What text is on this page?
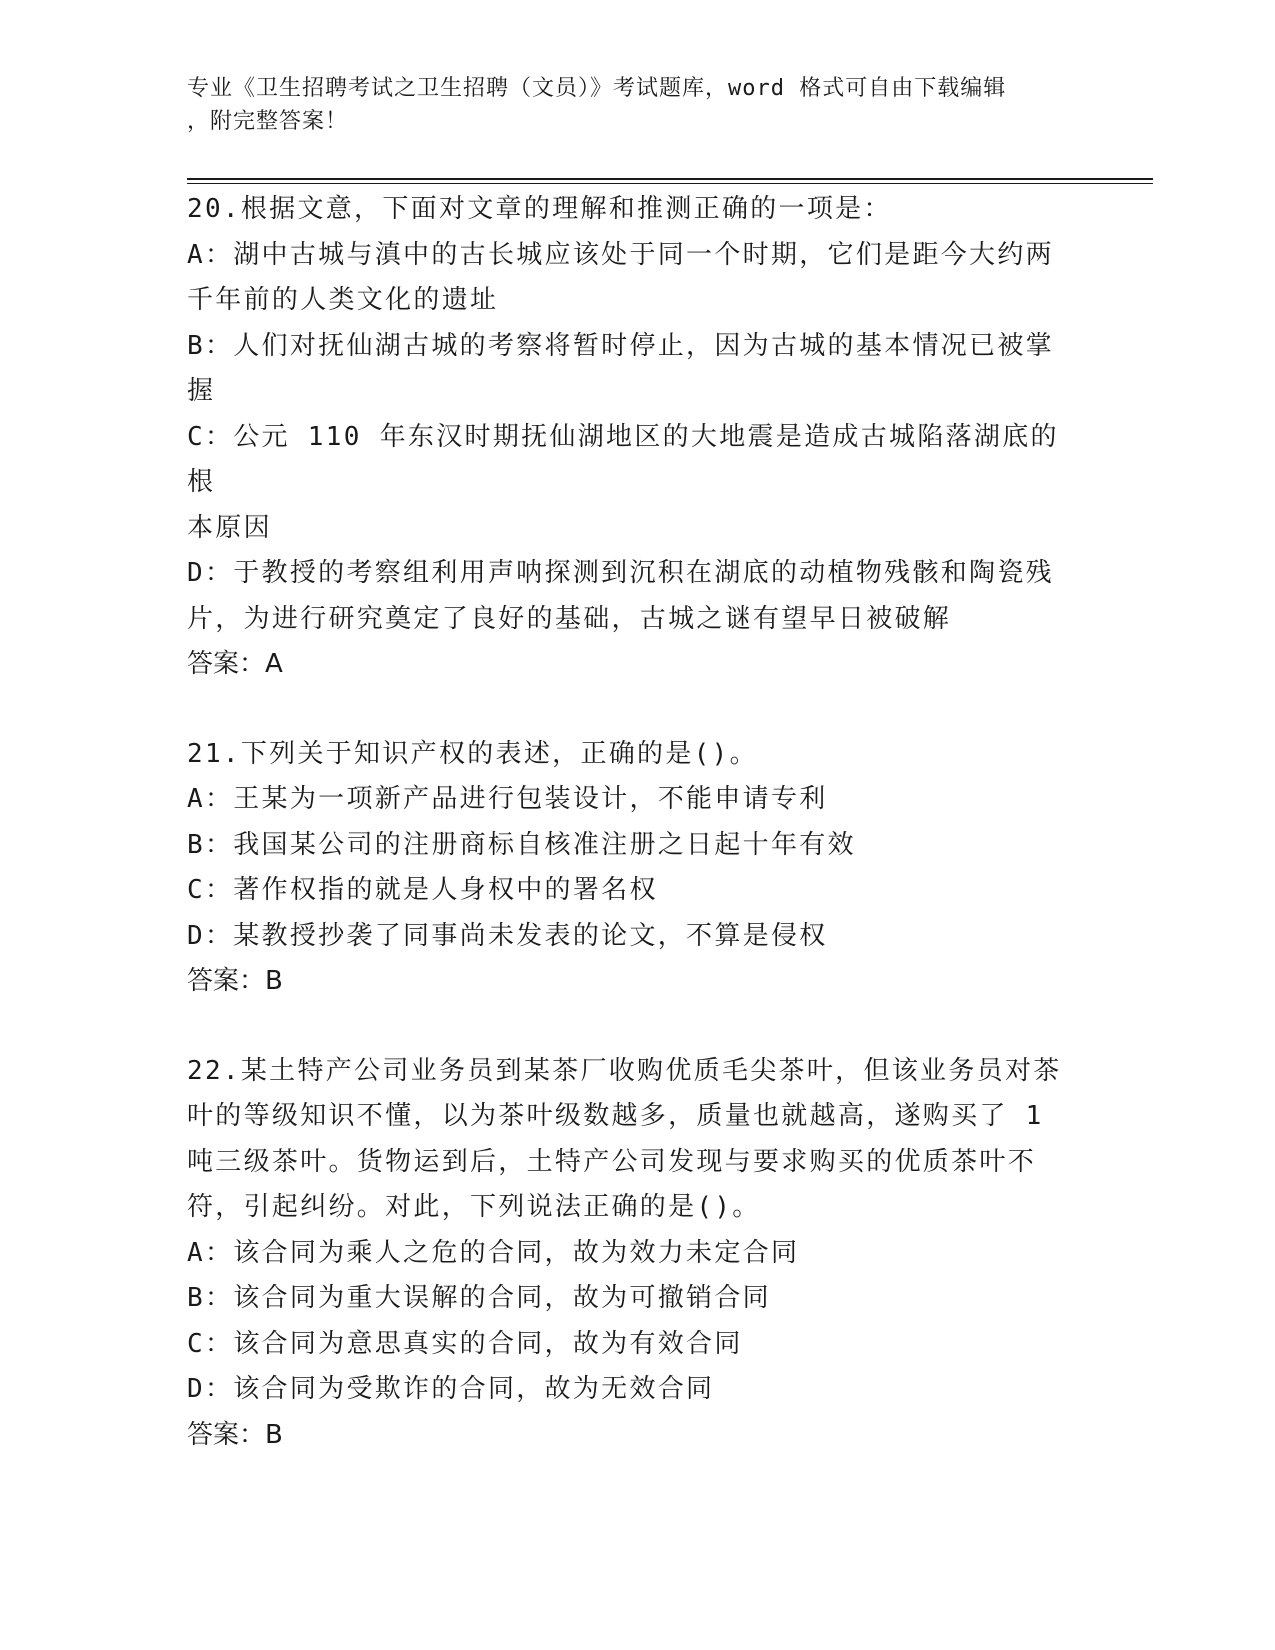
专业《卫生招聘考试之卫生招聘（文员）》考试题库，word 格式可自由下载编辑
，附完整答案！
20.根据文意，下面对文章的理解和推测正确的一项是：
A：湖中古城与滇中的古长城应该处于同一个时期，它们是距今大约两
千年前的人类文化的遗址
B：人们对抚仙湖古城的考察将暂时停止，因为古城的基本情况已被掌
握
C：公元 110 年东汉时期抚仙湖地区的大地震是造成古城陷落湖底的根
本原因
D：于教授的考察组利用声呐探测到沉积在湖底的动植物残骸和陶瓷残
片，为进行研究奠定了良好的基础，古城之谜有望早日被破解
答案：A
21.下列关于知识产权的表述，正确的是()。
A：王某为一项新产品进行包装设计，不能申请专利
B：我国某公司的注册商标自核准注册之日起十年有效
C：著作权指的就是人身权中的署名权
D：某教授抄袭了同事尚未发表的论文，不算是侵权
答案：B
22.某土特产公司业务员到某茶厂收购优质毛尖茶叶，但该业务员对茶
叶的等级知识不懂，以为茶叶级数越多，质量也就越高，遂购买了 1
吨三级茶叶。货物运到后，土特产公司发现与要求购买的优质茶叶不
符，引起纠纷。对此，下列说法正确的是()。
A：该合同为乘人之危的合同，故为效力未定合同
B：该合同为重大误解的合同，故为可撤销合同
C：该合同为意思真实的合同，故为有效合同
D：该合同为受欺诈的合同，故为无效合同
答案：B
